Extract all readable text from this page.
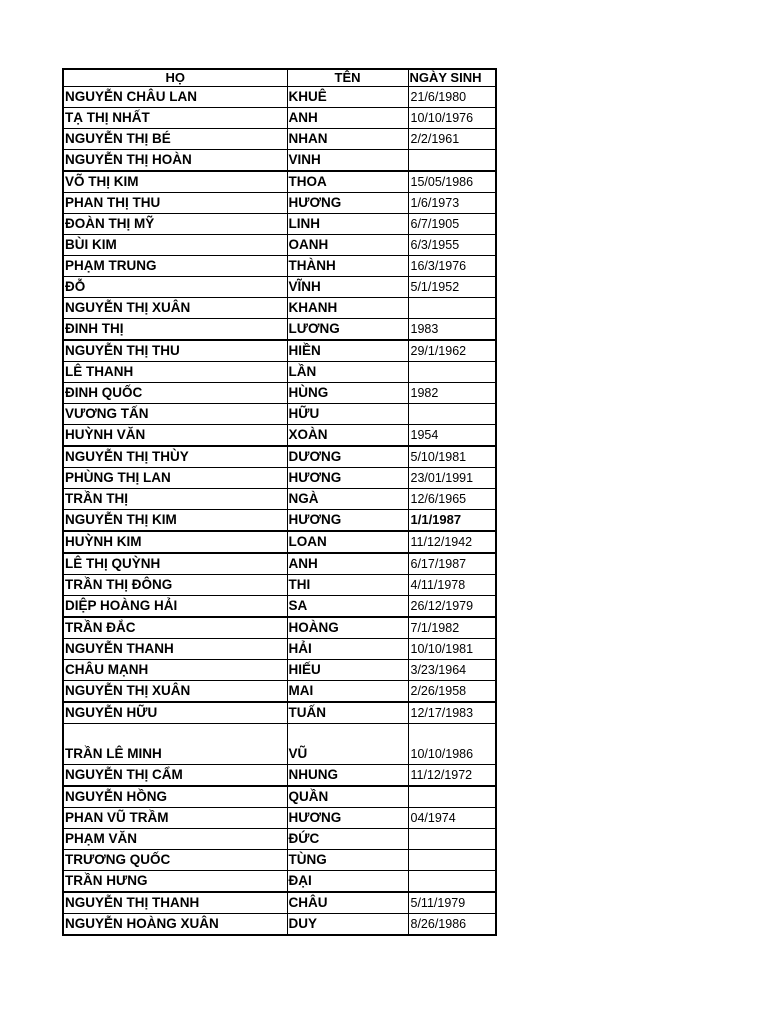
HỌ	TÊN	NGÀY SINH
NGUYỄN CHÂU LAN	KHUÊ	21/6/1980
TẠ THỊ NHẤT	ANH	10/10/1976
NGUYỄN THỊ BÉ	NHAN	2/2/1961
NGUYỄN THỊ HOÀN	VINH	
VÕ THỊ KIM	THOA	15/05/1986
PHAN THỊ THU	HƯƠNG	1/6/1973
ĐOÀN THỊ MỸ	LINH	6/7/1905
BÙI KIM	OANH	6/3/1955
PHẠM TRUNG	THÀNH	16/3/1976
ĐỖ	VĨNH	5/1/1952
NGUYỄN THỊ XUÂN	KHANH	
ĐINH THỊ	LƯƠNG	1983
NGUYỄN THỊ THU	HIỀN	29/1/1962
LÊ THANH	LẦN	
ĐINH QUỐC	HÙNG	1982
VƯƠNG TẤN	HỮU	
HUỲNH VĂN	XOÀN	1954
NGUYỄN THỊ THÙY	DƯƠNG	5/10/1981
PHÙNG THỊ LAN	HƯƠNG	23/01/1991
TRẦN THỊ	NGÀ	12/6/1965
NGUYỄN THỊ KIM	HƯƠNG	1/1/1987
HUỲNH KIM	LOAN	11/12/1942
LÊ THỊ QUỲNH	ANH	6/17/1987
TRẦN THỊ ĐÔNG	THI	4/11/1978
DIỆP HOÀNG HẢI	SA	26/12/1979
TRẦN ĐẮC	HOÀNG	7/1/1982
NGUYỄN THANH	HẢI	10/10/1981
CHÂU MẠNH	HIẾU	3/23/1964
NGUYỄN THỊ XUÂN	MAI	2/26/1958
NGUYỄN HỮU	TUẤN	12/17/1983
TRẦN LÊ MINH	VŨ	10/10/1986
NGUYỄN THỊ CẨM	NHUNG	11/12/1972
NGUYỄN HỒNG	QUẦN	
PHAN VŨ TRẦM	HƯƠNG	04/1974
PHẠM VĂN	ĐỨC	
TRƯƠNG QUỐC	TÙNG	
TRẦN HƯNG	ĐẠI	
NGUYỄN THỊ THANH	CHÂU	5/11/1979
NGUYỄN HOÀNG XUÂN	DUY	8/26/1986
